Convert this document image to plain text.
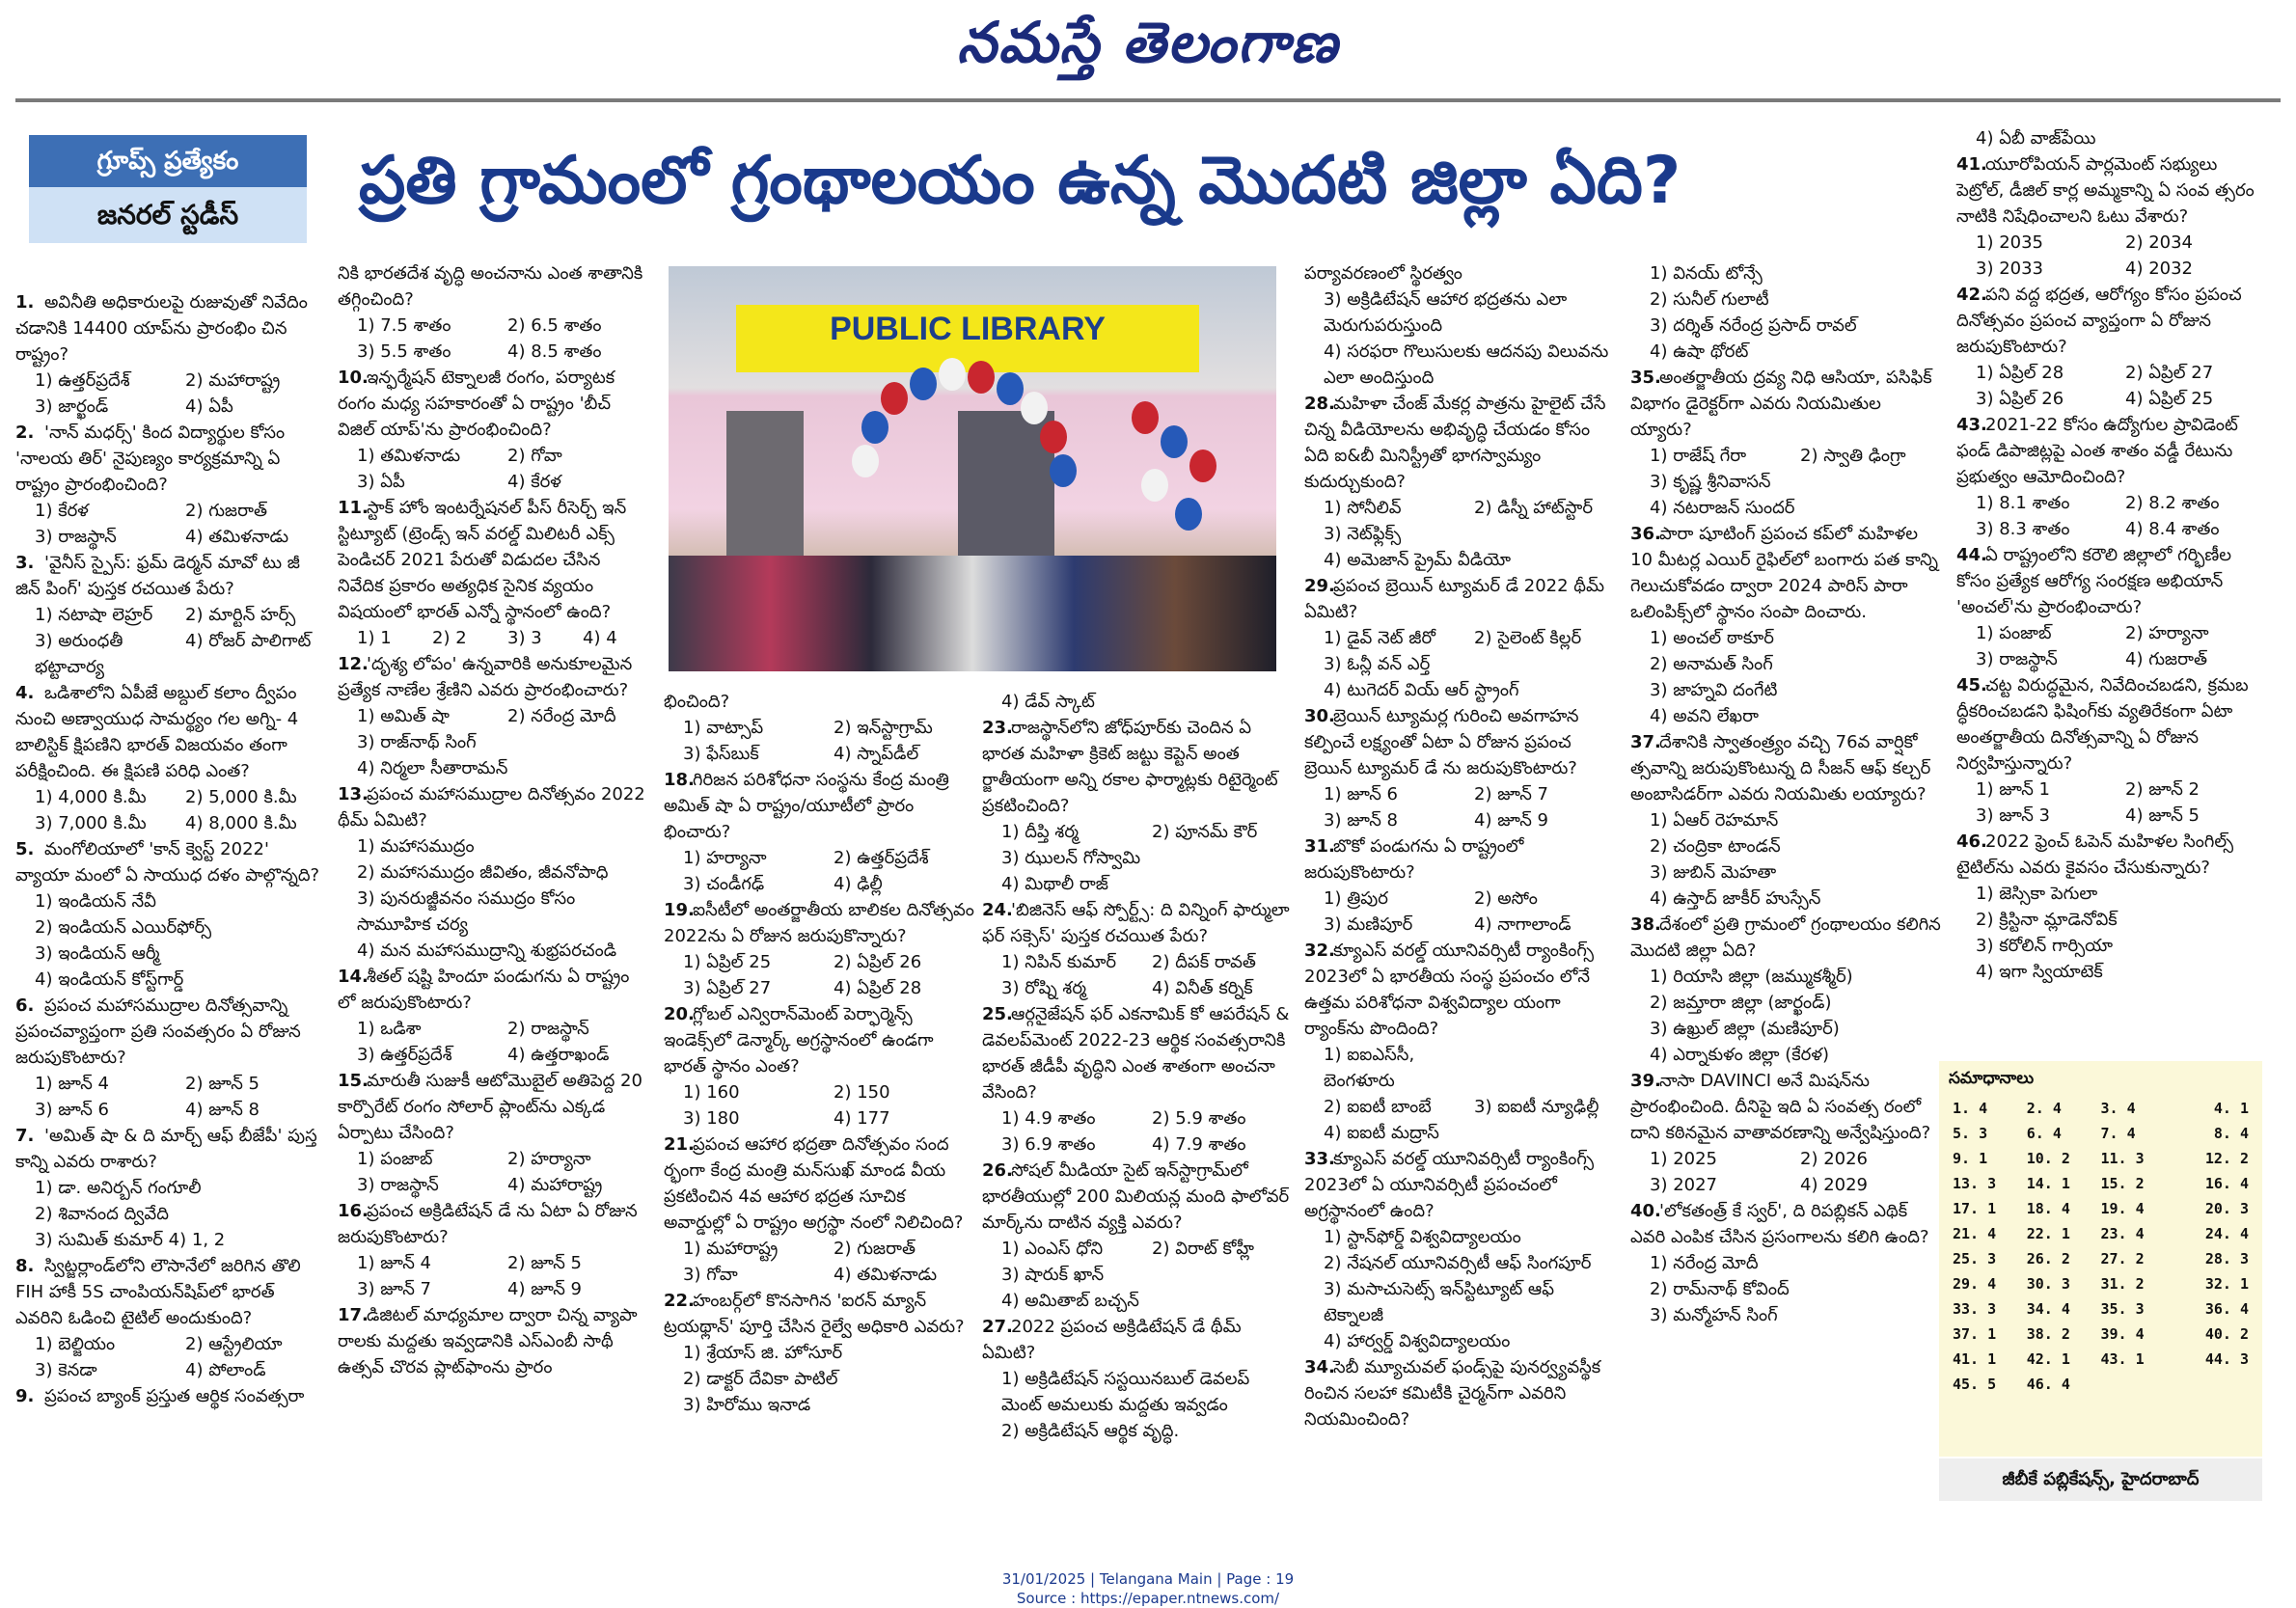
నమస్తే తెలంగాణ
గ్రూప్స్ ప్రత్యేకం
జనరల్ స్టడీస్	ప్రతి గ్రామంలో గ్రంథాలయం ఉన్న మొదటి జిల్లా ఏది?
PUBLIC LIBRARY
1. అవినీతి అధికారులపై రుజువుతో నివేదిం చడానికి 14400 యాప్‌ను ప్రారంభిం చిన రాష్ట్రం?
1) ఉత్తర్‌ప్రదేశ్	2) మహారాష్ట్ర
3) జార్ఖండ్	4) ఏపీ
2. 'నాన్ మధర్స్' కింద విద్యార్థుల కోసం 'నాలయ తిర్' నైపుణ్యం కార్యక్రమాన్ని ఏ రాష్ట్రం ప్రారంభించింది?
1) కేరళ	2) గుజరాత్
3) రాజస్థాన్	4) తమిళనాడు
3. 'వైనీస్ స్పైస్: ఫ్రమ్ డెర్మన్ మావో టు జీ జిన్ పింగ్' పుస్తక రచయిత పేరు?
1) నటాషా లెహ్రర్	2) మార్టిన్ హర్స్
3) అరుంధతీ భట్టాచార్య
4) రోజర్ పాలిగాట్
4. ఒడిశాలోని ఏపీజే అబ్దుల్ కలాం ద్వీపం నుంచి అణ్వాయుధ సామర్థ్యం గల అగ్ని- 4 బాలిస్టిక్ క్షిపణిని భారత్ విజయవం తంగా పరీక్షించింది. ఈ క్షిపణి పరిధి ఎంత?
1) 4,000 కి.మీ	2) 5,000 కి.మీ
3) 7,000 కి.మీ	4) 8,000 కి.మీ
5. మంగోలియాలో 'కాన్ క్వెస్ట్ 2022' వ్యాయా మంలో ఏ సాయుధ దళం పాల్గొన్నది?
1) ఇండియన్ నేవీ
2) ఇండియన్ ఎయిర్‌ఫోర్స్
3) ఇండియన్ ఆర్మీ
4) ఇండియన్ కోస్ట్‌గార్డ్
6. ప్రపంచ మహాసముద్రాల దినోత్సవాన్ని ప్రపంచవ్యాప్తంగా ప్రతి సంవత్సరం ఏ రోజున జరుపుకొంటారు?
1) జూన్ 4	2) జూన్ 5
3) జూన్ 6	4) జూన్ 8
7. 'అమిత్ షా & ది మార్చ్ ఆఫ్ బీజేపీ' పుస్త కాన్ని ఎవరు రాశారు?
1) డా. అనిర్బన్ గంగూలీ
2) శివానంద ద్వివేది
3) సుమిత్ కుమార్ 4) 1, 2
8. స్విట్జర్లాండ్‌లోని లౌసానేలో జరిగిన తొలి FIH హాకీ 5S చాంపియన్‌షిప్‌లో భారత్ ఎవరిని ఓడించి టైటిల్ అందుకుంది?
1) బెల్జియం	2) ఆస్ట్రేలియా
3) కెనడా	4) పోలాండ్
9. ప్రపంచ బ్యాంక్ ప్రస్తుత ఆర్థిక సంవత్సరా
నికి భారతదేశ వృద్ధి అంచనాను ఎంత శాతానికి తగ్గించింది?
1) 7.5 శాతం	2) 6.5 శాతం
3) 5.5 శాతం	4) 8.5 శాతం
10.ఇన్ఫర్మేషన్ టెక్నాలజీ రంగం, పర్యాటక రంగం మధ్య సహకారంతో ఏ రాష్ట్రం 'బీచ్ విజిల్ యాప్'ను ప్రారంభించింది?
1) తమిళనాడు	2) గోవా
3) ఏపీ	4) కేరళ
11.స్టాక్ హోం ఇంటర్నేషనల్ పీస్ రీసెర్చ్ ఇన్ స్టిట్యూట్ (ట్రెండ్స్ ఇన్ వరల్డ్ మిలిటరీ ఎక్స్ పెండిచర్ 2021 పేరుతో విడుదల చేసిన నివేదిక ప్రకారం అత్యధిక సైనిక వ్యయం విషయంలో భారత్ ఎన్నో స్థానంలో ఉంది?
1) 1	2) 2	3) 3	4) 4
12.'దృశ్య లోపం' ఉన్నవారికి అనుకూలమైన ప్రత్యేక నాణేల శ్రేణిని ఎవరు ప్రారంభించారు?
1) అమిత్ షా	2) నరేంద్ర మోదీ
3) రాజ్‌నాథ్ సింగ్
4) నిర్మలా సీతారామన్
13.ప్రపంచ మహాసముద్రాల దినోత్సవం 2022 థీమ్ ఏమిటి?
1) మహాసముద్రం
2) మహాసముద్రం జీవితం, జీవనోపాధి
3) పునరుజ్జీవనం సముద్రం కోసం సామూహిక చర్య
4) మన మహాసముద్రాన్ని శుభ్రపరచండి
14.శీతల్ షష్టి హిందూ పండుగను ఏ రాష్ట్రం లో జరుపుకొంటారు?
1) ఒడిశా	2) రాజస్థాన్
3) ఉత్తర్‌ప్రదేశ్	4) ఉత్తరాఖండ్
15.మారుతీ సుజుకీ ఆటోమొబైల్ అతిపెద్ద 20 కార్పొరేట్ రంగం సోలార్ ప్లాంట్‌ను ఎక్కడ ఏర్పాటు చేసింది?
1) పంజాబ్	2) హర్యానా
3) రాజస్థాన్	4) మహారాష్ట్ర
16.ప్రపంచ అక్రిడిటేషన్ డే ను ఏటా ఏ రోజున జరుపుకొంటారు?
1) జూన్ 4	2) జూన్ 5
3) జూన్ 7	4) జూన్ 9
17.డిజిటల్ మాధ్యమాల ద్వారా చిన్న వ్యాపా రాలకు మద్దతు ఇవ్వడానికి ఎస్ఎంబీ సాథీ ఉత్సవ్ చొరవ ప్లాట్‌ఫాంను ప్రారం
భించింది?
1) వాట్సాప్	2) ఇన్‌స్టాగ్రామ్
3) ఫేస్‌బుక్	4) స్నాప్‌డీల్
18.గిరిజన పరిశోధనా సంస్థను కేంద్ర మంత్రి అమిత్ షా ఏ రాష్ట్రం/యూటీలో ప్రారం భించారు?
1) హర్యానా	2) ఉత్తర్‌ప్రదేశ్
3) చండీగఢ్	4) ఢిల్లీ
19.ఐసీటీలో అంతర్జాతీయ బాలికల దినోత్సవం 2022ను ఏ రోజున జరుపుకొన్నారు?
1) ఏప్రిల్ 25	2) ఏప్రిల్ 26
3) ఏప్రిల్ 27	4) ఏప్రిల్ 28
20.గ్లోబల్ ఎన్విరాన్‌మెంట్ పెర్ఫార్మెన్స్ ఇండెక్స్‌లో డెన్మార్క్ అగ్రస్థానంలో ఉండగా భారత్ స్థానం ఎంత?
1) 160	2) 150
3) 180	4) 177
21.ప్రపంచ ఆహార భద్రతా దినోత్సవం సంద ర్భంగా కేంద్ర మంత్రి మన్‌సుఖ్ మాండ వీయ ప్రకటించిన 4వ ఆహార భద్రత సూచిక అవార్డుల్లో ఏ రాష్ట్రం అగ్రస్థా నంలో నిలిచింది?
1) మహారాష్ట్ర	2) గుజరాత్
3) గోవా	4) తమిళనాడు
22.హంబర్గ్‌లో కొనసాగిన 'ఐరన్ మ్యాన్ ట్రయథ్లాన్' పూర్తి చేసిన రైల్వే అధికారి ఎవరు?
1) శ్రేయాస్ జి. హోసూర్
2) డాక్టర్ దేవికా పాటిల్
3) హిరోము ఇనాడ
4) డేవ్ స్కాట్
23.రాజస్థాన్‌లోని జోధ్‌పూర్‌కు చెందిన ఏ భారత మహిళా క్రికెట్ జట్టు కెప్టెన్ అంత ర్జాతీయంగా అన్ని రకాల ఫార్మాట్లకు రిటైర్మెంట్ ప్రకటించింది?
1) దీప్తి శర్మ	2) పూనమ్ కౌర్
3) ఝులన్ గోస్వామి
4) మిథాలీ రాజ్
24.'బిజినెస్ ఆఫ్ స్పోర్ట్స్: ది విన్నింగ్ ఫార్ములా ఫర్ సక్సెస్' పుస్తక రచయిత పేరు?
1) నిపిన్ కుమార్	2) దీపక్ రావత్
3) రోష్ని శర్మ	4) వినీత్ కర్నిక్
25.ఆర్గనైజేషన్ ఫర్ ఎకనామిక్ కో ఆపరేషన్ & డెవలప్‌మెంట్ 2022-23 ఆర్థిక సంవత్సరానికి భారత్ జీడీపీ వృద్ధిని ఎంత శాతంగా అంచనా వేసింది?
1) 4.9 శాతం	2) 5.9 శాతం
3) 6.9 శాతం	4) 7.9 శాతం
26.సోషల్ మీడియా సైట్ ఇన్‌స్టాగ్రామ్‌లో భారతీయుల్లో 200 మిలియన్ల మంది ఫాలోవర్ మార్క్‌ను దాటిన వ్యక్తి ఎవరు?
1) ఎంఎస్ ధోని	2) విరాట్ కోహ్లీ
3) షారుక్ ఖాన్
4) అమితాబ్ బచ్చన్
27.2022 ప్రపంచ అక్రిడిటేషన్ డే థీమ్ ఏమిటి?
1) అక్రిడిటేషన్ సస్టయినబుల్ డెవలప్ మెంట్ అమలుకు మద్దతు ఇవ్వడం
2) అక్రిడిటేషన్ ఆర్థిక వృద్ధి.
పర్యావరణంలో స్థిరత్వం
3) అక్రిడిటేషన్ ఆహార భద్రతను ఎలా మెరుగుపరుస్తుంది
4) సరఫరా గొలుసులకు ఆదనపు విలువను ఎలా అందిస్తుంది
28.మహిళా చేంజ్ మేకర్ల పాత్రను హైలైట్ చేసే చిన్న వీడియోలను అభివృద్ధి చేయడం కోసం ఏది ఐ&బీ మినిస్ట్రీతో భాగస్వామ్యం కుదుర్చుకుంది?
1) సోనీలివ్	2) డిస్నీ హాట్‌స్టార్
3) నెట్‌ఫ్లిక్స్
4) అమెజాన్ ప్రైమ్ వీడియో
29.ప్రపంచ బ్రెయిన్ ట్యూమర్ డే 2022 థీమ్ ఏమిటి?
1) డైవ్ నెట్ జీరో	2) సైలెంట్ కిల్లర్
3) ఓన్లీ వన్ ఎర్త్
4) టుగెదర్ వియ్ ఆర్ స్ట్రాంగ్
30.బ్రెయిన్ ట్యూమర్ల గురించి అవగాహన కల్పించే లక్ష్యంతో ఏటా ఏ రోజున ప్రపంచ బ్రెయిన్ ట్యూమర్ డే ను జరుపుకొంటారు?
1) జూన్ 6	2) జూన్ 7
3) జూన్ 8	4) జూన్ 9
31.బొకో పండుగను ఏ రాష్ట్రంలో జరుపుకొంటారు?
1) త్రిపుర	2) అసోం
3) మణిపూర్	4) నాగాలాండ్
32.క్యూఎస్ వరల్డ్ యూనివర్సిటీ ర్యాంకింగ్స్ 2023లో ఏ భారతీయ సంస్థ ప్రపంచం లోనే ఉత్తమ పరిశోధనా విశ్వవిద్యాల యంగా ర్యాంక్‌ను పొందింది?
1) ఐఐఎస్‌సీ, బెంగళూరు
2) ఐఐటీ బాంబే	3) ఐఐటీ న్యూఢిల్లీ
4) ఐఐటీ మద్రాస్
33.క్యూఎస్ వరల్డ్ యూనివర్సిటీ ర్యాంకింగ్స్ 2023లో ఏ యూనివర్సిటీ ప్రపంచంలో అగ్రస్థానంలో ఉంది?
1) స్టాన్‌ఫోర్డ్ విశ్వవిద్యాలయం
2) నేషనల్ యూనివర్సిటీ ఆఫ్ సింగపూర్
3) మసాచుసెట్స్ ఇన్‌స్టిట్యూట్ ఆఫ్ టెక్నాలజీ
4) హార్వర్డ్ విశ్వవిద్యాలయం
34.సెబీ మ్యూచువల్ ఫండ్స్‌పై పునర్వ్యవస్థీక రించిన సలహా కమిటీకి చైర్మన్‌గా ఎవరిని నియమించింది?
1) వినయ్ టోన్సే
2) సునీల్ గులాటీ
3) దర్శిత్ నరేంద్ర ప్రసాద్ రావల్
4) ఉషా థోరట్
35.అంతర్జాతీయ ద్రవ్య నిధి ఆసియా, పసిఫిక్ విభాగం డైరెక్టర్‌గా ఎవరు నియమితుల య్యారు?
1) రాజేష్ గేరా	2) స్వాతి ఢింగ్రా
3) కృష్ణ శ్రీనివాసన్
4) నటరాజన్ సుందర్
36.పారా షూటింగ్ ప్రపంచ కప్‌లో మహిళల 10 మీటర్ల ఎయిర్ రైఫిల్‌లో బంగారు పత కాన్ని గెలుచుకోవడం ద్వారా 2024 పారిస్ పారా ఒలింపిక్స్‌లో స్థానం సంపా దించారు.
1) అంచల్ ఠాకూర్
2) అనామత్ సింగ్
3) జాహ్నవి దంగేటి
4) అవని లేఖరా
37.దేశానికి స్వాతంత్ర్యం వచ్చి 76వ వార్షికో త్సవాన్ని జరుపుకొంటున్న ది సీజన్ ఆఫ్ కల్చర్ అంబాసిడర్‌గా ఎవరు నియమితు లయ్యారు?
1) ఏఆర్ రెహమాన్
2) చంద్రికా టాండన్
3) జుబిన్ మెహతా
4) ఉస్తాద్ జాకీర్ హుస్సేన్
38.దేశంలో ప్రతి గ్రామంలో గ్రంథాలయం కలిగిన మొదటి జిల్లా ఏది?
1) రియాసి జిల్లా (జమ్ముకశ్మీర్)
2) జమ్తారా జిల్లా (జార్ఖండ్)
3) ఉఖ్రుల్ జిల్లా (మణిపూర్)
4) ఎర్నాకుళం జిల్లా (కేరళ)
39.నాసా DAVINCI అనే మిషన్‌ను ప్రారంభించింది. దీనిపై ఇది ఏ సంవత్స రంలో దాని కఠినమైన వాతావరణాన్ని అన్వేషిస్తుంది?
1) 2025	2) 2026
3) 2027	4) 2029
40.'లోకతంత్ర్ కే స్వర్', ది రిపబ్లికన్ ఎథిక్ ఎవరి ఎంపిక చేసిన ప్రసంగాలను కలిగి ఉంది?
1) నరేంద్ర మోదీ
2) రామ్‌నాథ్ కోవింద్
3) మన్మోహన్ సింగ్
4) ఏబీ వాజ్‌పేయి
41.యూరోపియన్ పార్లమెంట్ సభ్యులు పెట్రోల్, డీజిల్ కార్ల అమ్మకాన్ని ఏ సంవ త్సరం నాటికి నిషేధించాలని ఓటు వేశారు?
1) 2035	2) 2034
3) 2033	4) 2032
42.పని వద్ద భద్రత, ఆరోగ్యం కోసం ప్రపంచ దినోత్సవం ప్రపంచ వ్యాప్తంగా ఏ రోజున జరుపుకొంటారు?
1) ఏప్రిల్ 28	2) ఏప్రిల్ 27
3) ఏప్రిల్ 26	4) ఏప్రిల్ 25
43.2021-22 కోసం ఉద్యోగుల ప్రావిడెంట్ ఫండ్ డిపాజిట్లపై ఎంత శాతం వడ్డీ రేటును ప్రభుత్వం ఆమోదించింది?
1) 8.1 శాతం	2) 8.2 శాతం
3) 8.3 శాతం	4) 8.4 శాతం
44.ఏ రాష్ట్రంలోని కరౌలి జిల్లాలో గర్భిణీల కోసం ప్రత్యేక ఆరోగ్య సంరక్షణ అభియాన్ 'అంచల్'ను ప్రారంభించారు?
1) పంజాబ్	2) హర్యానా
3) రాజస్థాన్	4) గుజరాత్
45.చట్ట విరుద్ధమైన, నివేదించబడని, క్రమబ ద్ధీకరించబడని ఫిషింగ్‌కు వ్యతిరేకంగా ఏటా అంతర్జాతీయ దినోత్సవాన్ని ఏ రోజున నిర్వహిస్తున్నారు?
1) జూన్ 1	2) జూన్ 2
3) జూన్ 3	4) జూన్ 5
46.2022 ఫ్రెంచ్ ఓపెన్ మహిళల సింగిల్స్ టైటిల్‌ను ఎవరు కైవసం చేసుకున్నారు?
1) జెస్సికా పెగులా
2) క్రిస్టినా మ్లాడెనోవిక్
3) కరోలిన్ గార్సియా
4) ఇగా స్వియాటెక్
సమాధానాలు
1. 4	2. 4	3. 4	4. 1
5. 3	6. 4	7. 4	8. 4
9. 1	10. 2	11. 3	12. 2
13. 3	14. 1	15. 2	16. 4
17. 1	18. 4	19. 4	20. 3
21. 4	22. 1	23. 4	24. 4
25. 3	26. 2	27. 2	28. 3
29. 4	30. 3	31. 2	32. 1
33. 3	34. 4	35. 3	36. 4
37. 1	38. 2	39. 4	40. 2
41. 1	42. 1	43. 1	44. 3
45. 5	46. 4
జీబీకే పబ్లికేషన్స్, హైదరాబాద్
31/01/2025 | Telangana Main | Page : 19
Source : https://epaper.ntnews.com/
